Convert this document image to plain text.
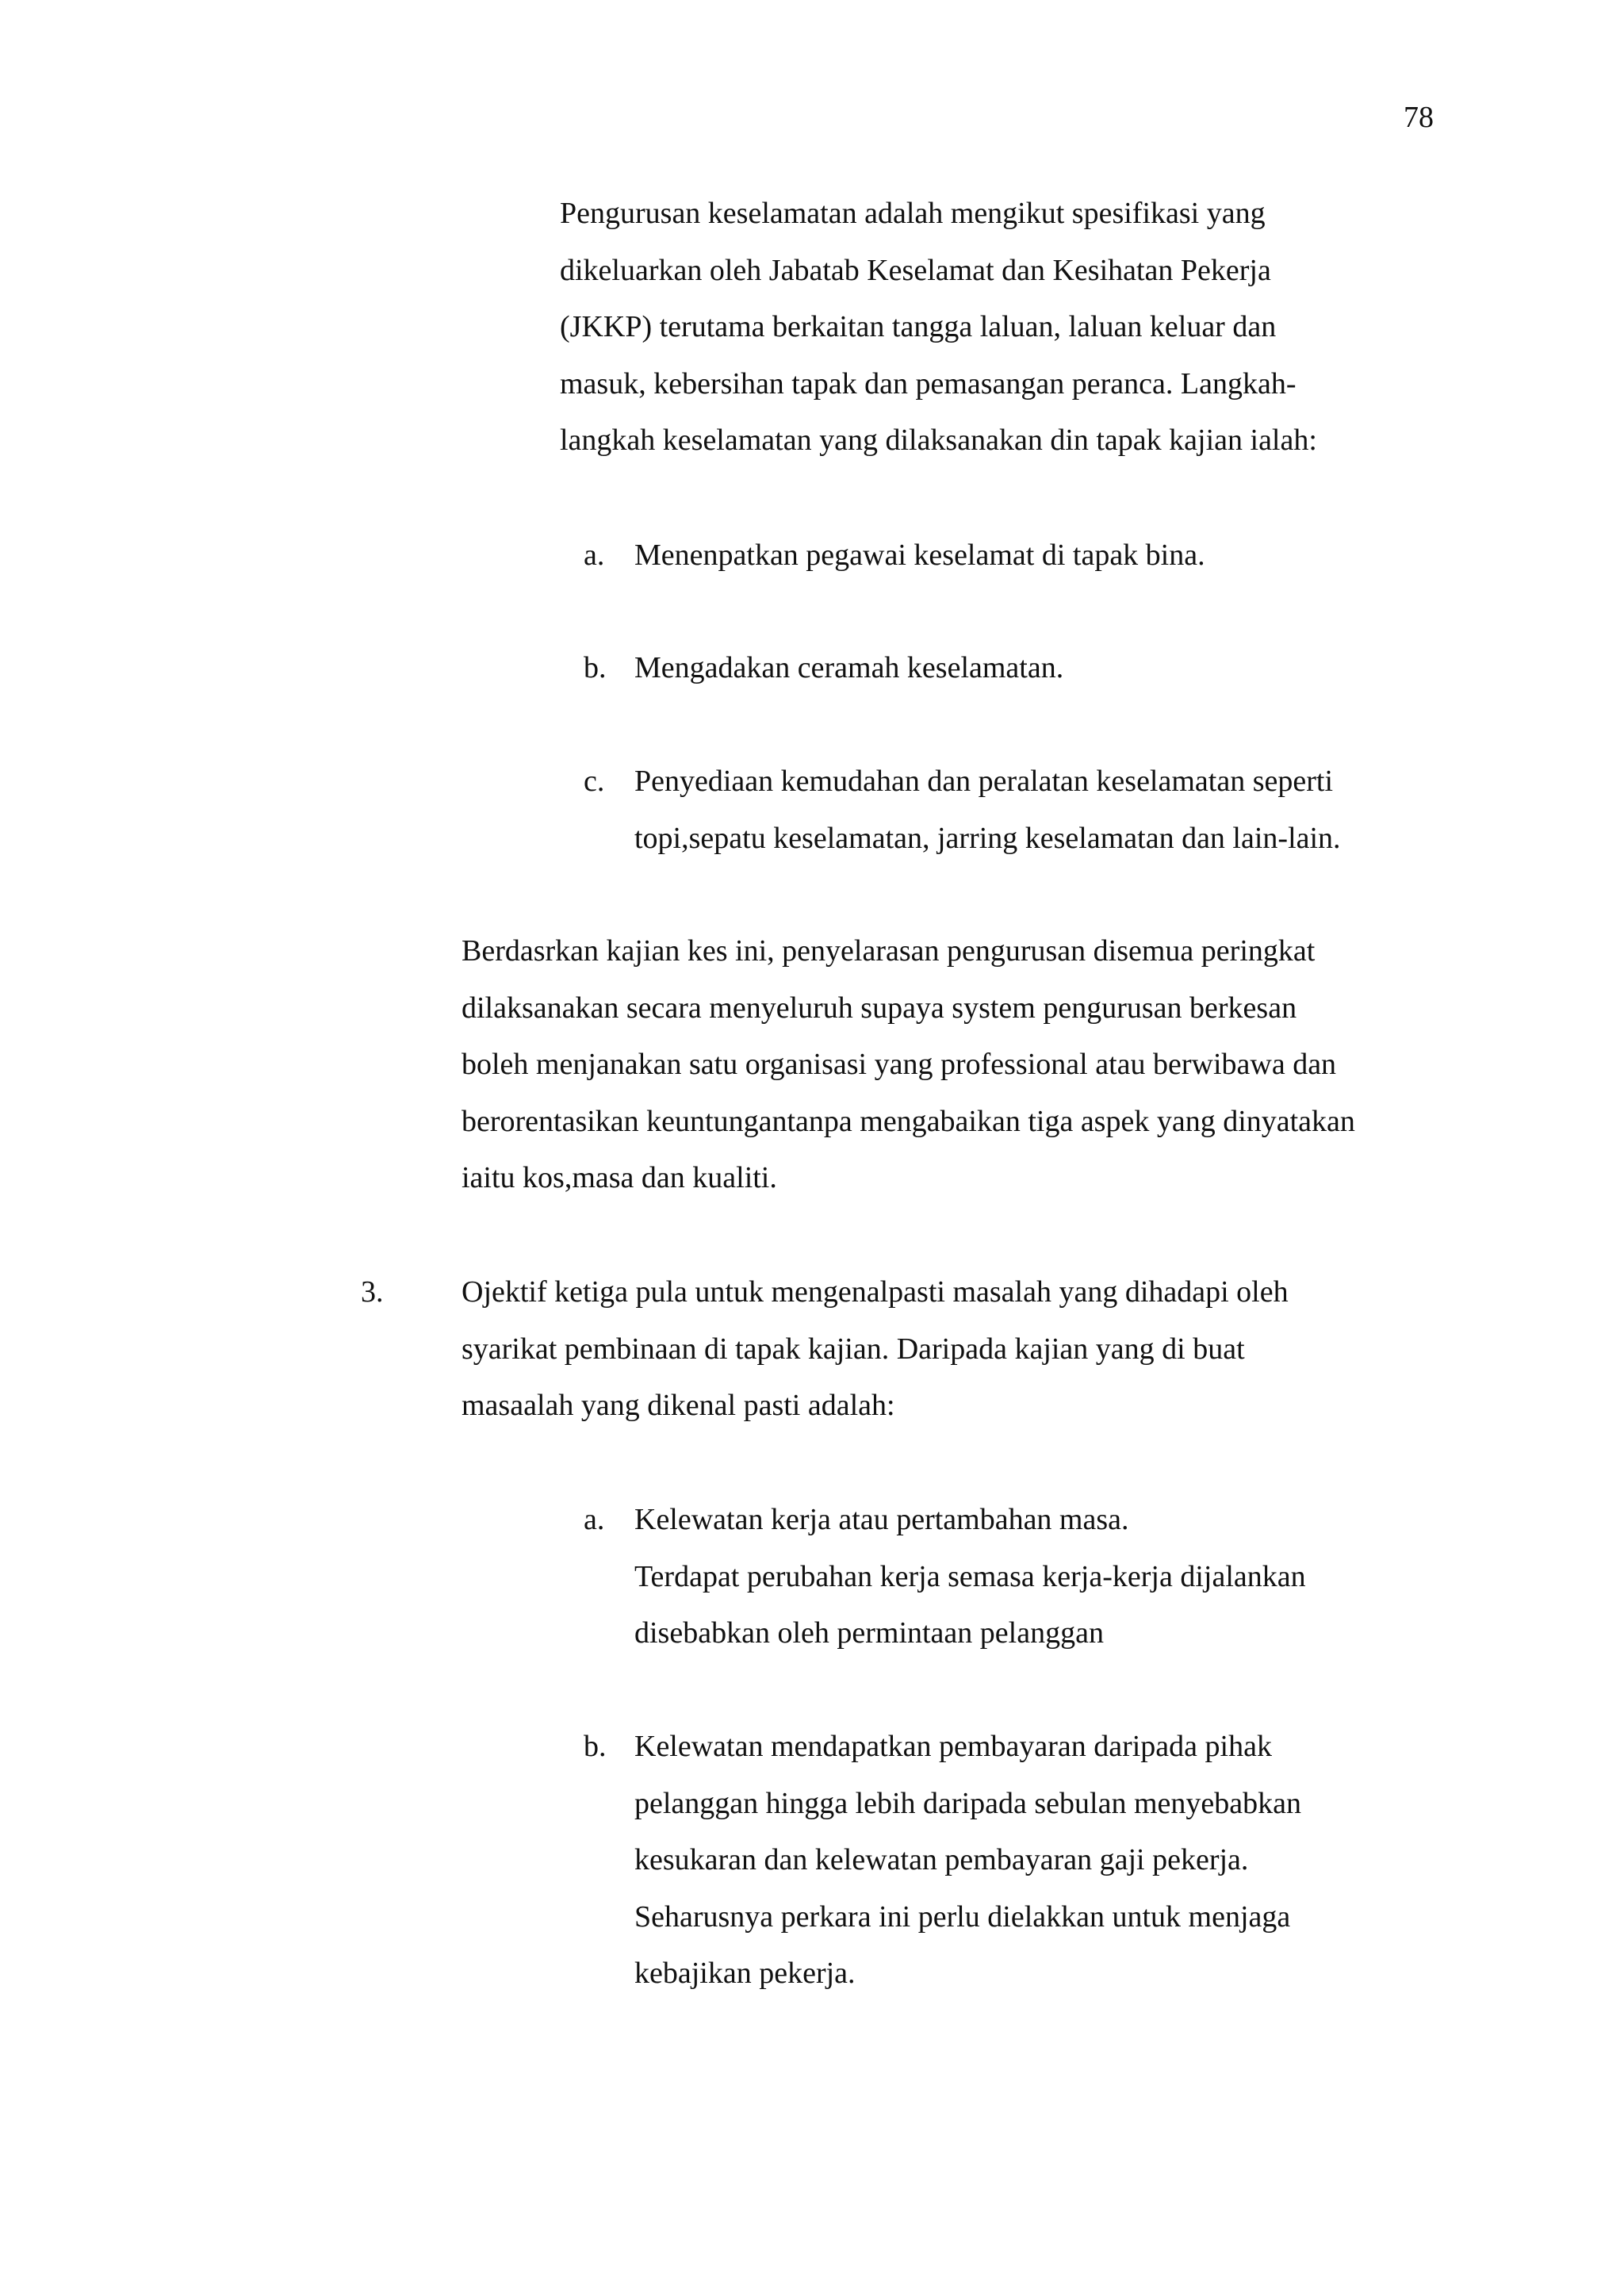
78
Pengurusan keselamatan adalah mengikut spesifikasi yang
dikeluarkan oleh Jabatab Keselamat dan Kesihatan Pekerja
(JKKP) terutama berkaitan tangga laluan, laluan keluar dan
masuk, kebersihan tapak dan pemasangan peranca. Langkah-
langkah keselamatan yang dilaksanakan din tapak kajian ialah:
a. Menenpatkan pegawai keselamat di tapak bina.
b. Mengadakan ceramah keselamatan.
c. Penyediaan kemudahan dan peralatan keselamatan seperti
topi,sepatu keselamatan, jarring keselamatan dan lain-lain.
Berdasrkan kajian kes ini, penyelarasan pengurusan disemua peringkat
dilaksanakan secara menyeluruh supaya system pengurusan berkesan
boleh menjanakan satu organisasi yang professional atau berwibawa dan
berorentasikan keuntungantanpa mengabaikan tiga aspek yang dinyatakan
iaitu kos,masa dan kualiti.
3.	Ojektif ketiga pula untuk mengenalpasti masalah yang dihadapi oleh
syarikat pembinaan di tapak kajian. Daripada kajian yang di buat
masaalah yang dikenal pasti adalah:
a. Kelewatan kerja atau pertambahan masa.
Terdapat perubahan kerja semasa kerja-kerja dijalankan
disebabkan oleh permintaan pelanggan
b. Kelewatan mendapatkan pembayaran daripada pihak
pelanggan hingga lebih daripada sebulan menyebabkan
kesukaran dan kelewatan pembayaran gaji pekerja.
Seharusnya perkara ini perlu dielakkan untuk menjaga
kebajikan pekerja.
